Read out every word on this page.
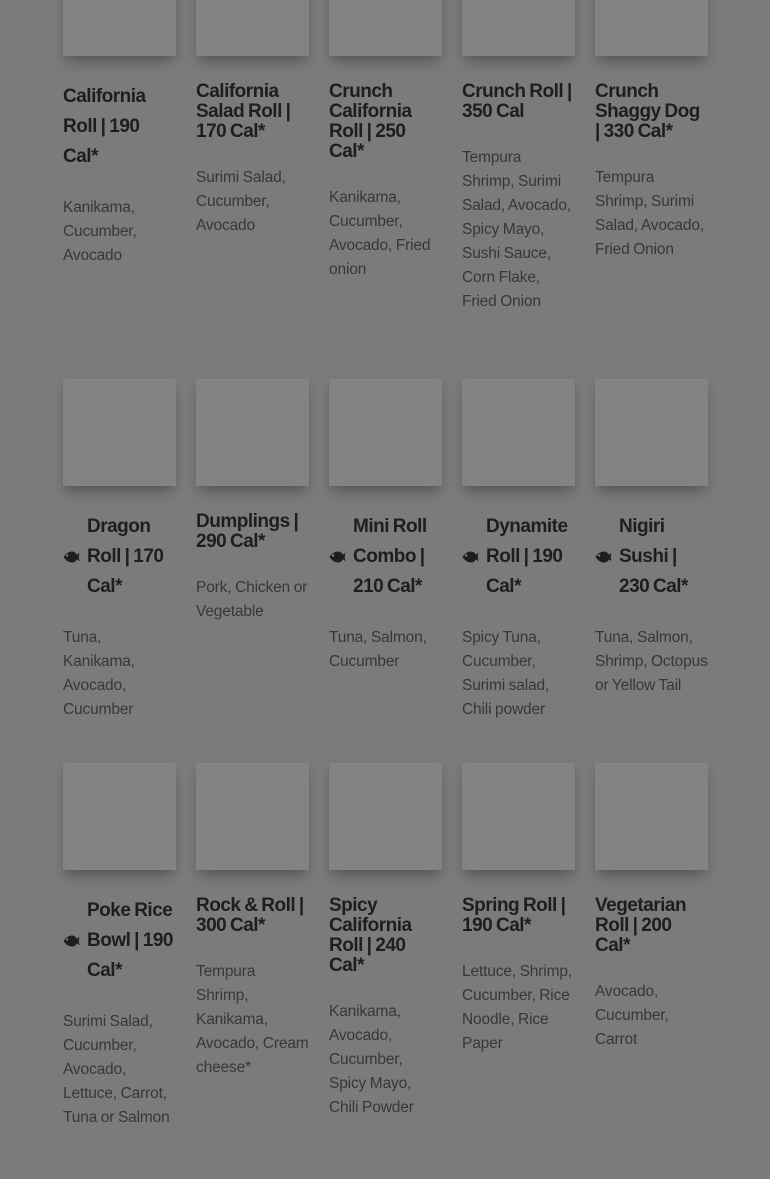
California Roll | 190 Cal*

Kanikama, Cucumber, Avocado

California Salad Roll | 170 Cal*

Surimi Salad, Cucumber, Avocado

Crunch California Roll | 250 Cal*

Kanikama, Cucumber, Avocado, Fried onion

Crunch Roll | 350 Cal

Tempura Shrimp, Surimi Salad, Avocado, Spicy Mayo, Sushi Sauce, Corn Flake, Fried Onion

Crunch Shaggy Dog | 330 Cal*

Tempura Shrimp, Surimi Salad, Avocado, Fried Onion

Dragon Roll | 170 Cal*

Tuna, Kanikama, Avocado, Cucumber

Dumplings | 290 Cal*

Pork, Chicken or Vegetable

Mini Roll Combo | 210 Cal*

Tuna, Salmon, Cucumber

Dynamite Roll | 190 Cal*

Spicy Tuna, Cucumber, Surimi salad, Chili powder

Nigiri Sushi | 230 Cal*

Tuna, Salmon, Shrimp, Octopus or Yellow Tail

Poke Rice Bowl | 190 Cal*

Surimi Salad, Cucumber, Avocado, Lettuce, Carrot, Tuna or Salmon

Rock & Roll | 300 Cal*

Tempura Shrimp, Kanikama, Avocado, Cream cheese*

Spicy California Roll | 240 Cal*

Kanikama, Avocado, Cucumber, Spicy Mayo, Chili Powder

Spring Roll | 190 Cal*

Lettuce, Shrimp, Cucumber, Rice Noodle, Rice Paper

Vegetarian Roll | 200 Cal*

Avocado, Cucumber, Carrot
